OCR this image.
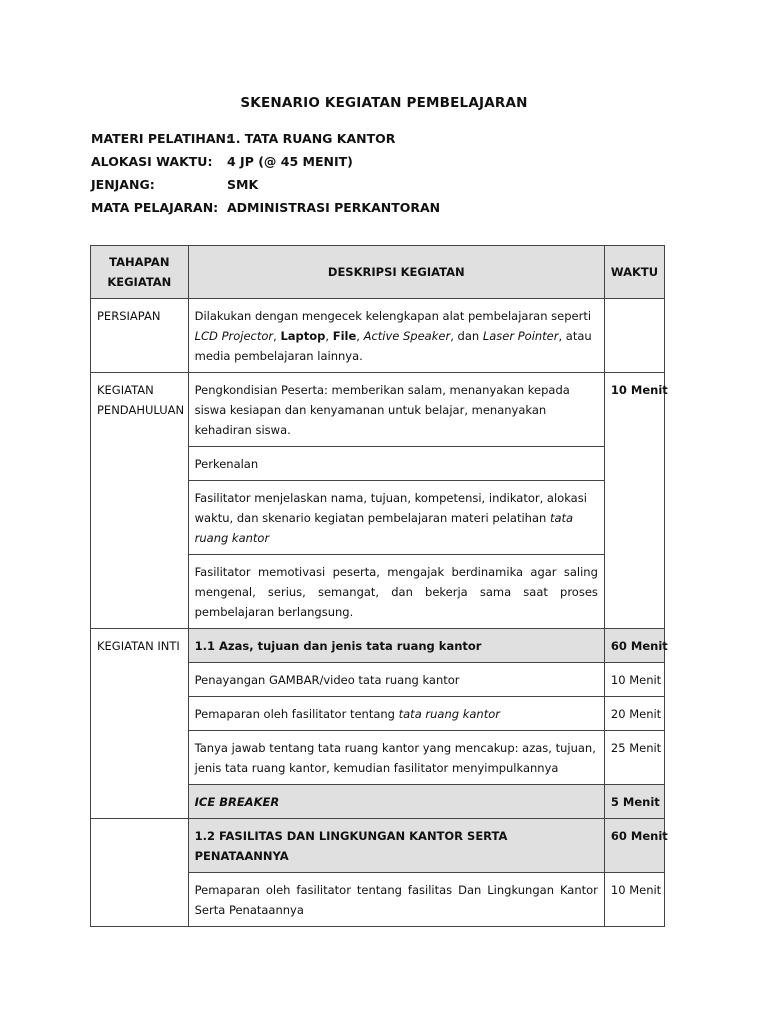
SKENARIO KEGIATAN PEMBELAJARAN
MATERI PELATIHAN:1. TATA RUANG KANTOR
ALOKASI WAKTU: 4 JP (@ 45 MENIT)
JENJANG:	SMK
MATA PELAJARAN: ADMINISTRASI PERKANTORAN
TAHAPAN KEGIATAN	DESKRIPSI KEGIATAN	WAKTU
PERSIAPAN	Dilakukan dengan mengecek kelengkapan alat pembelajaran seperti LCD Projector, Laptop, File, Active Speaker, dan Laser Pointer, atau media pembelajaran lainnya.	
KEGIATAN PENDAHULUAN	Pengkondisian Peserta: memberikan salam, menanyakan kepada siswa kesiapan dan kenyamanan untuk belajar, menanyakan kehadiran siswa.	10 Menit
	Perkenalan	
	Fasilitator menjelaskan nama, tujuan, kompetensi, indikator, alokasi waktu, dan skenario kegiatan pembelajaran materi pelatihan tata ruang kantor	
	Fasilitator memotivasi peserta, mengajak berdinamika agar saling mengenal, serius, semangat, dan bekerja sama saat proses pembelajaran berlangsung.	
KEGIATAN INTI	1.1 Azas, tujuan dan jenis tata ruang kantor	60 Menit
	Penayangan GAMBAR/video tata ruang kantor	10 Menit
	Pemaparan oleh fasilitator tentang tata ruang kantor	20 Menit
	Tanya jawab tentang tata ruang kantor yang mencakup: azas, tujuan, jenis tata ruang kantor, kemudian fasilitator menyimpulkannya	25 Menit
	ICE BREAKER	5 Menit
	1.2 FASILITAS DAN LINGKUNGAN KANTOR SERTA PENATAANNYA	60 Menit
	Pemaparan oleh fasilitator tentang fasilitas Dan Lingkungan Kantor Serta Penataannya	10 Menit
